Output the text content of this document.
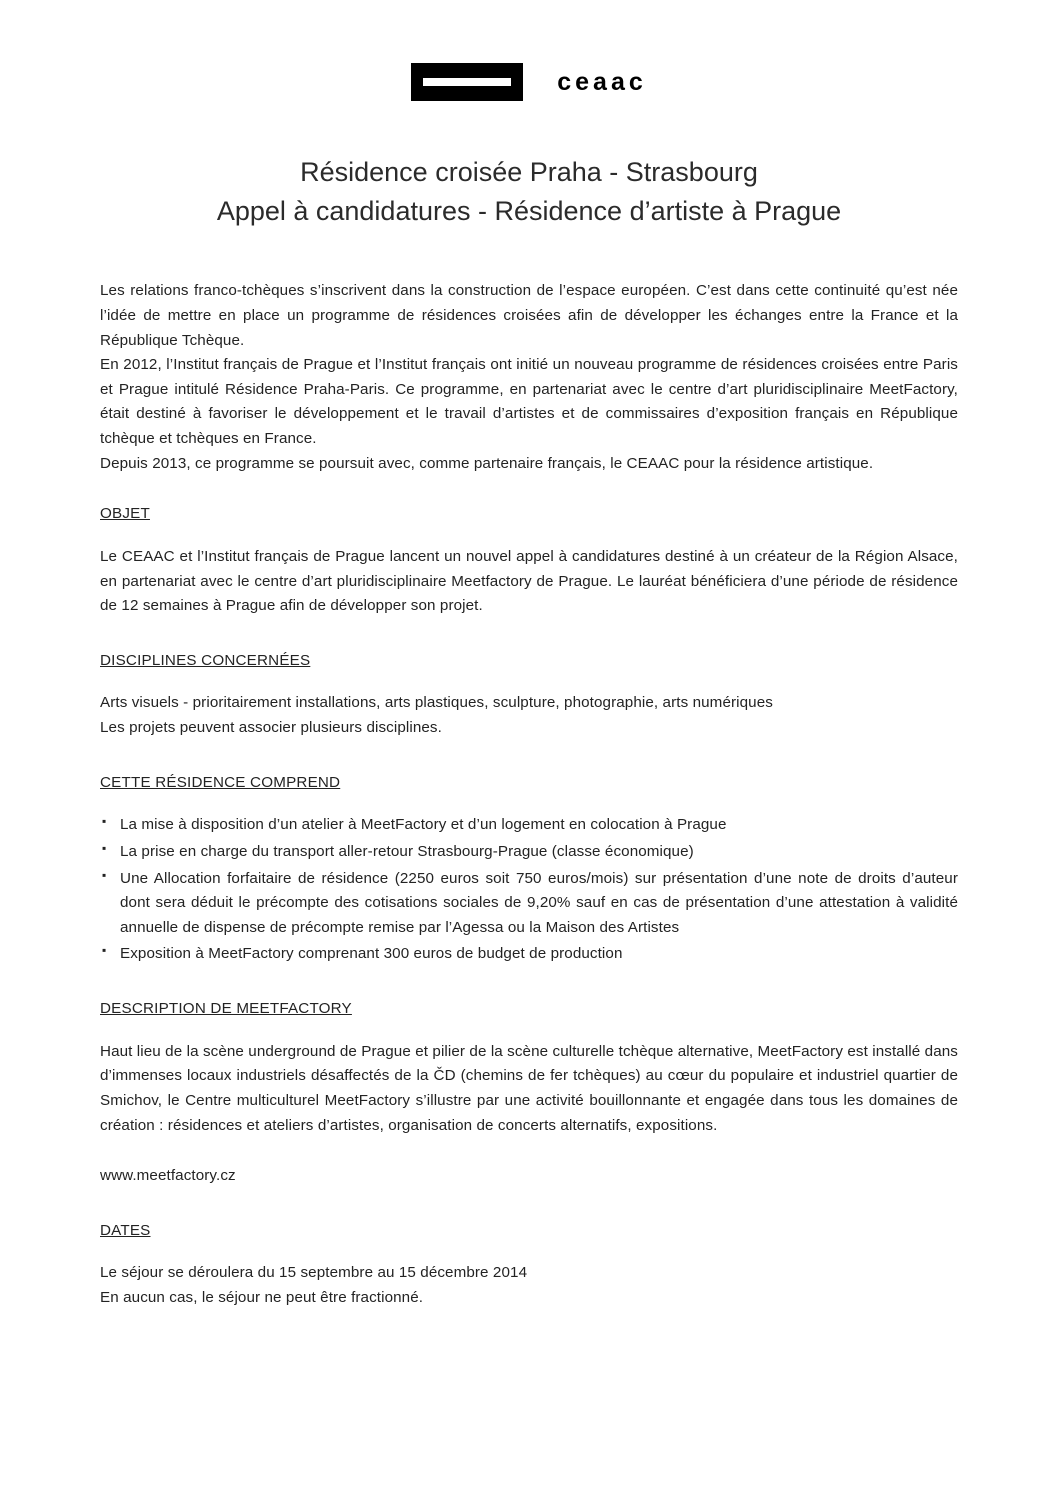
ceaac
Résidence croisée Praha - Strasbourg
Appel à candidatures - Résidence d’artiste à Prague

Les relations franco-tchèques s’inscrivent dans la construction de l’espace européen. C’est dans cette continuité qu’est née l’idée de mettre en place un programme de résidences croisées afin de développer les échanges entre la France et la République Tchèque.

En 2012, l’Institut français de Prague et l’Institut français ont initié un nouveau programme de résidences croisées entre Paris et Prague intitulé Résidence Praha-Paris. Ce programme, en partenariat avec le centre d’art pluridisciplinaire MeetFactory, était destiné à favoriser le développement et le travail d’artistes et de commissaires d’exposition français en République tchèque et tchèques en France.

Depuis 2013, ce programme se poursuit avec, comme partenaire français, le CEAAC pour la résidence artistique.

OBJET

Le CEAAC et l’Institut français de Prague lancent un nouvel appel à candidatures destiné à un créateur de la Région Alsace, en partenariat avec le centre d’art pluridisciplinaire Meetfactory de Prague. Le lauréat bénéficiera d’une période de résidence de 12 semaines à Prague afin de développer son projet.

DISCIPLINES CONCERNÉES

Arts visuels - prioritairement installations, arts plastiques, sculpture, photographie, arts numériques

Les projets peuvent associer plusieurs disciplines.

CETTE RÉSIDENCE COMPREND
▪ La mise à disposition d’un atelier à MeetFactory et d’un logement en colocation à Prague
▪ La prise en charge du transport aller-retour Strasbourg-Prague (classe économique)
▪ Une Allocation forfaitaire de résidence (2250 euros soit 750 euros/mois) sur présentation d’une note de droits d’auteur dont sera déduit le précompte des cotisations sociales de 9,20% sauf en cas de présentation d’une attestation à validité annuelle de dispense de précompte remise par l’Agessa ou la Maison des Artistes
▪ Exposition à MeetFactory comprenant 300 euros de budget de production
DESCRIPTION DE MEETFACTORY

Haut lieu de la scène underground de Prague et pilier de la scène culturelle tchèque alternative, MeetFactory est installé dans d’immenses locaux industriels désaffectés de la ČD (chemins de fer tchèques) au cœur du populaire et industriel quartier de Smichov, le Centre multiculturel MeetFactory s’illustre par une activité bouillonnante et engagée dans tous les domaines de création : résidences et ateliers d’artistes, organisation de concerts alternatifs, expositions.

www.meetfactory.cz

DATES

Le séjour se déroulera du 15 septembre au 15 décembre 2014

En aucun cas, le séjour ne peut être fractionné.
